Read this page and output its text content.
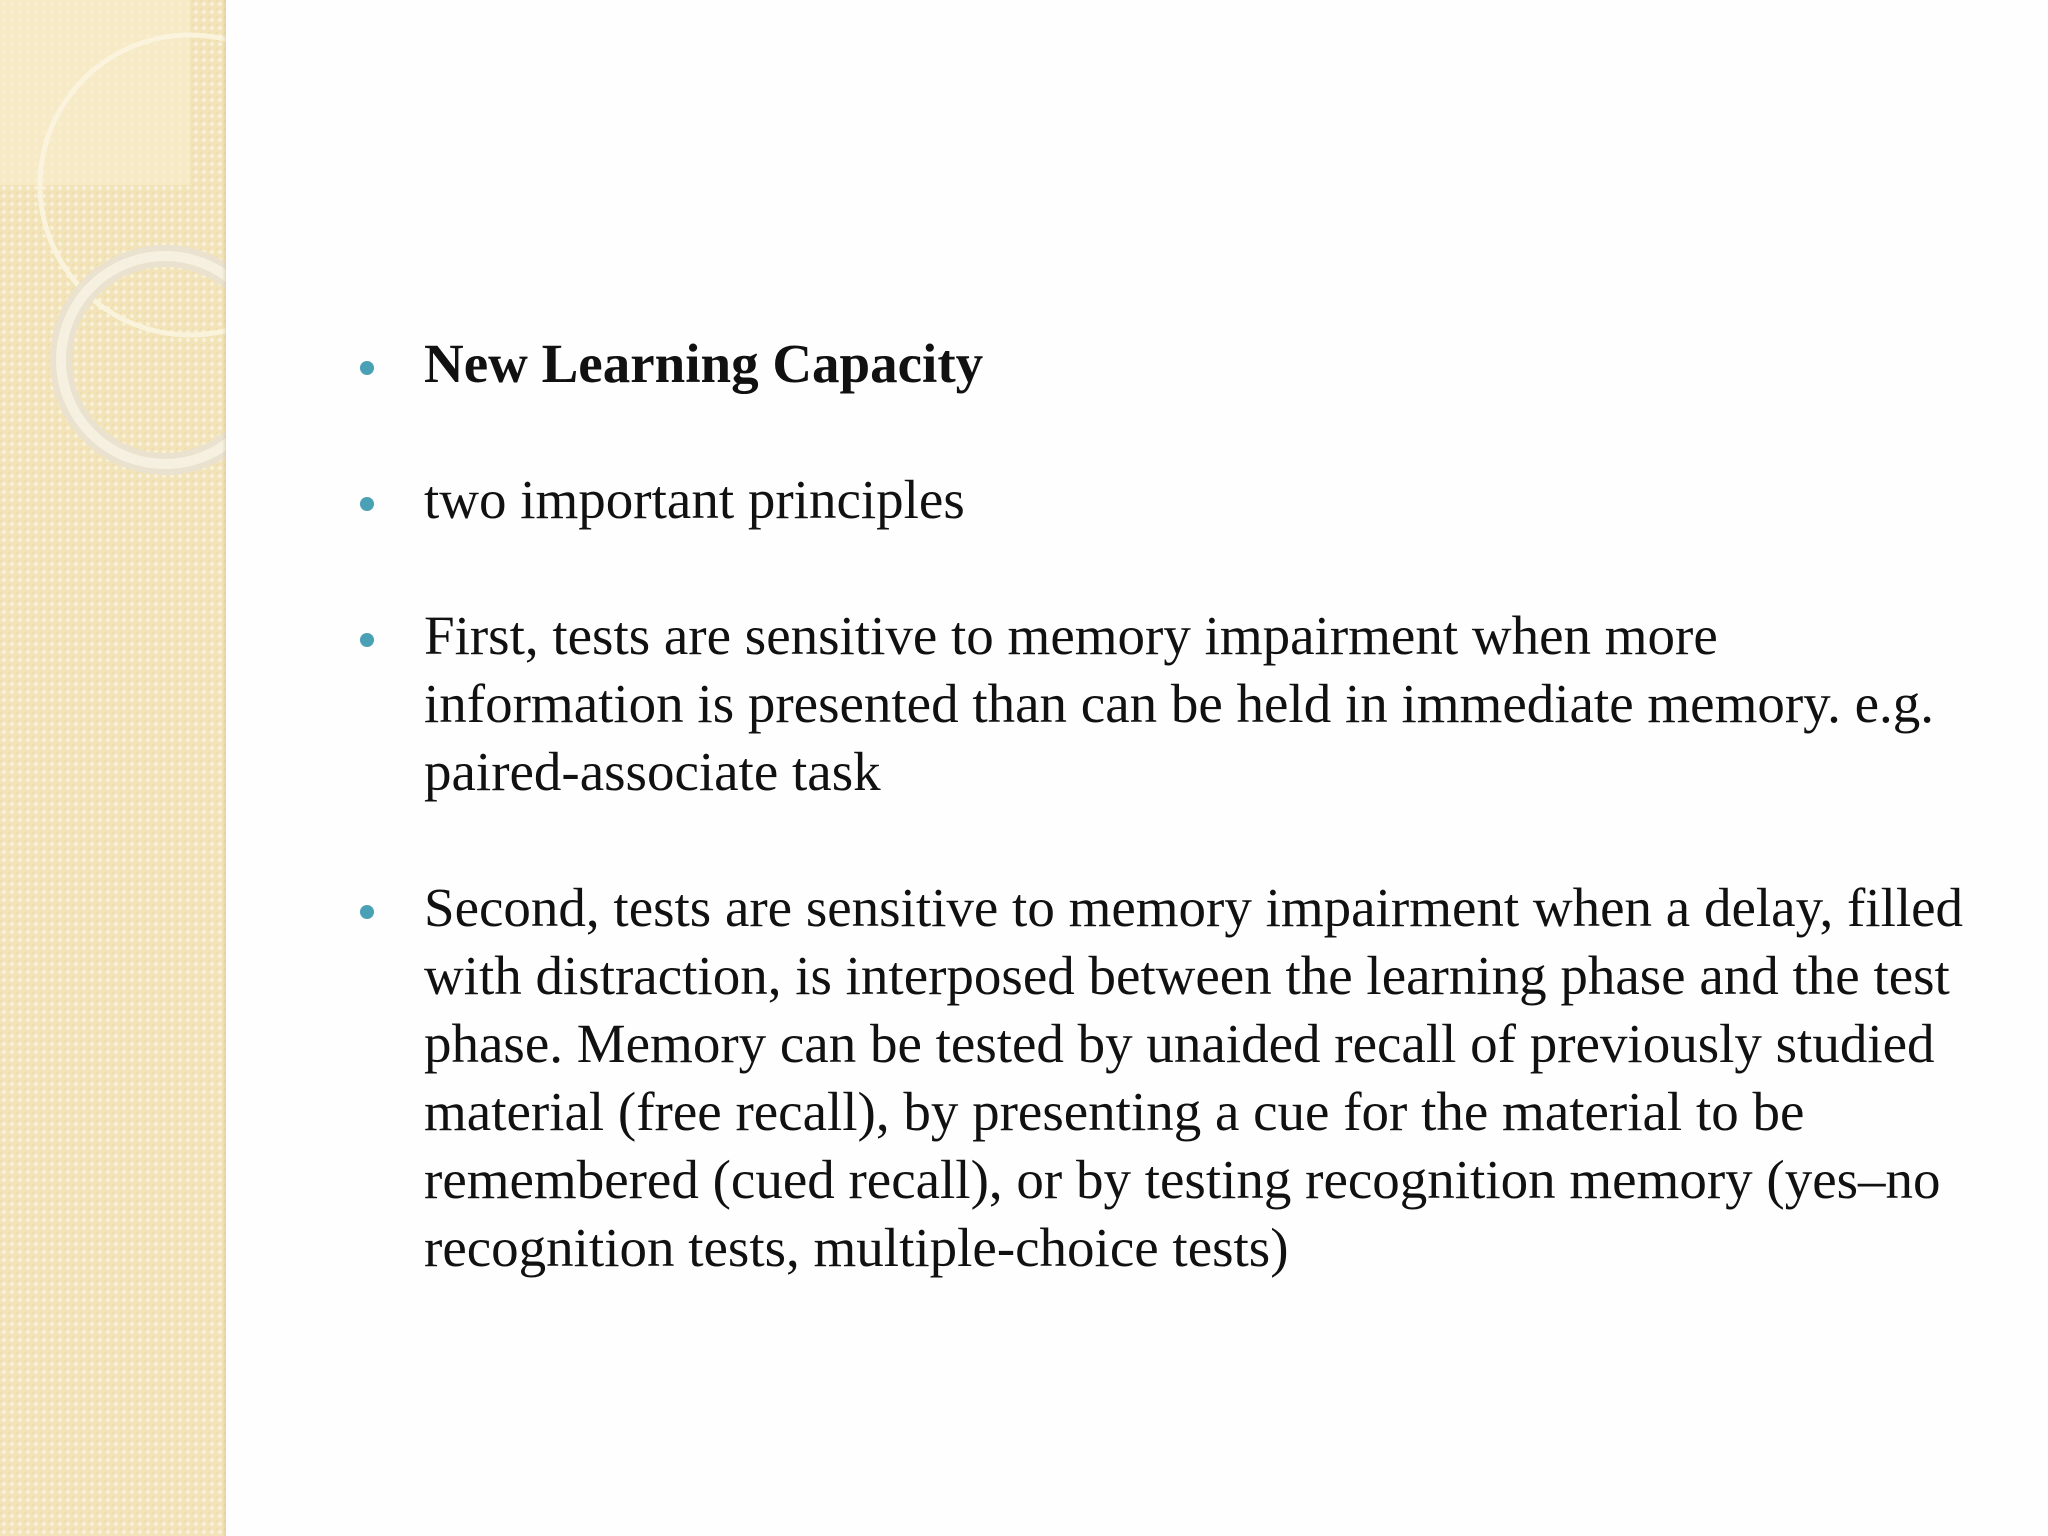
New Learning Capacity
two important principles
First, tests are sensitive to memory impairment when more information is presented than can be held in immediate memory. e.g. paired-associate task
Second, tests are sensitive to memory impairment when a delay, filled with distraction, is interposed between the learning phase and the test phase. Memory can be tested by unaided recall of previously studied material (free recall), by presenting a cue for the material to be remembered (cued recall), or by testing recognition memory (yes–no recognition tests, multiple-choice tests)
